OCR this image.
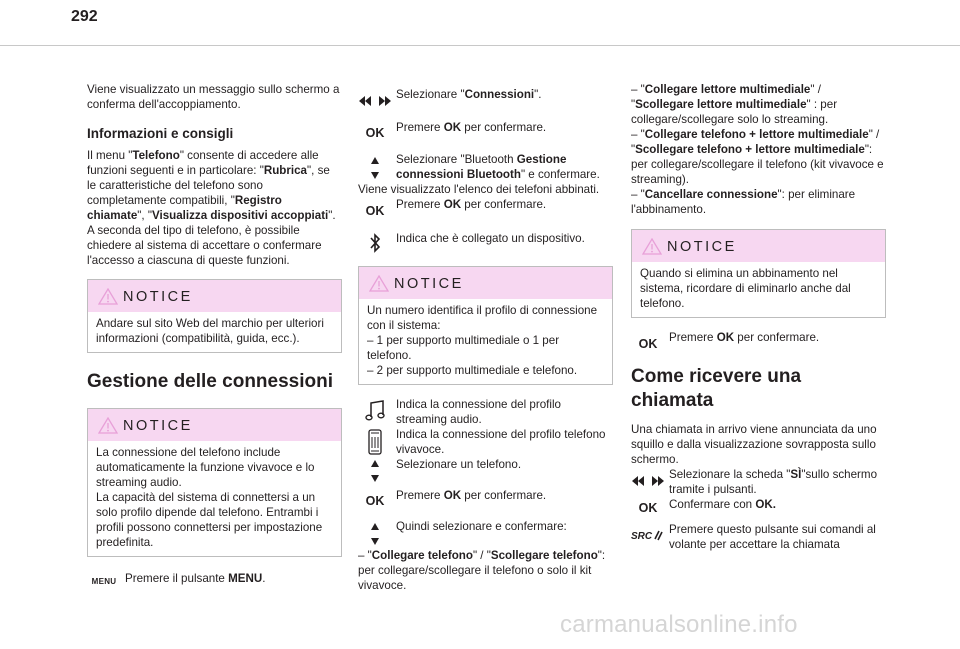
292

Viene visualizzato un messaggio sullo schermo a conferma dell'accoppiamento.

Informazioni e consigli

Il menu "Telefono" consente di accedere alle funzioni seguenti e in particolare: "Rubrica", se le caratteristiche del telefono sono completamente compatibili, "Registro chiamate", "Visualizza dispositivi accoppiati".

A seconda del tipo di telefono, è possibile chiedere al sistema di accettare o confermare l'accesso a ciascuna di queste funzioni.

NOTICE

Andare sul sito Web del marchio per ulteriori informazioni (compatibilità, guida, ecc.).

Gestione delle connessioni
NOTICE

La connessione del telefono include automaticamente la funzione vivavoce e lo streaming audio.

La capacità del sistema di connettersi a un solo profilo dipende dal telefono. Entrambi i profili possono connettersi per impostazione predefinita.

MENU Premere il pulsante MENU.

Selezionare "Connessioni".

OK	Premere OK per confermare.

Selezionare "Bluetooth Gestione connessioni Bluetooth" e confermare.

Viene visualizzato l'elenco dei telefoni abbinati.

OK	Premere OK per confermare.

Indica che è collegato un dispositivo.

NOTICE

Un numero identifica il profilo di connessione con il sistema:

– 1 per supporto multimediale o 1 per telefono.

– 2 per supporto multimediale e telefono.

Indica la connessione del profilo streaming audio.

Indica la connessione del profilo telefono vivavoce.

Selezionare un telefono.

OK	Premere OK per confermare.

Quindi selezionare e confermare:

– "Collegare telefono" / "Scollegare telefono": per collegare/scollegare il telefono o solo il kit vivavoce.

– "Collegare lettore multimediale" / "Scollegare lettore multimediale" : per collegare/scollegare solo lo streaming.

– "Collegare telefono + lettore multimediale" / "Scollegare telefono + lettore multimediale": per collegare/scollegare il telefono (kit vivavoce e streaming).

– "Cancellare connessione": per eliminare l'abbinamento.

NOTICE

Quando si elimina un abbinamento nel sistema, ricordare di eliminarlo anche dal telefono.

OK	Premere OK per confermare.

Come ricevere una chiamata

Una chiamata in arrivo viene annunciata da uno squillo e dalla visualizzazione sovrapposta sullo schermo.

Selezionare la scheda "SÌ"sullo schermo tramite i pulsanti.

OK	Confermare con OK.

SRC

Premere questo pulsante sui comandi al volante per accettare la chiamata

carmanualsonline.info
